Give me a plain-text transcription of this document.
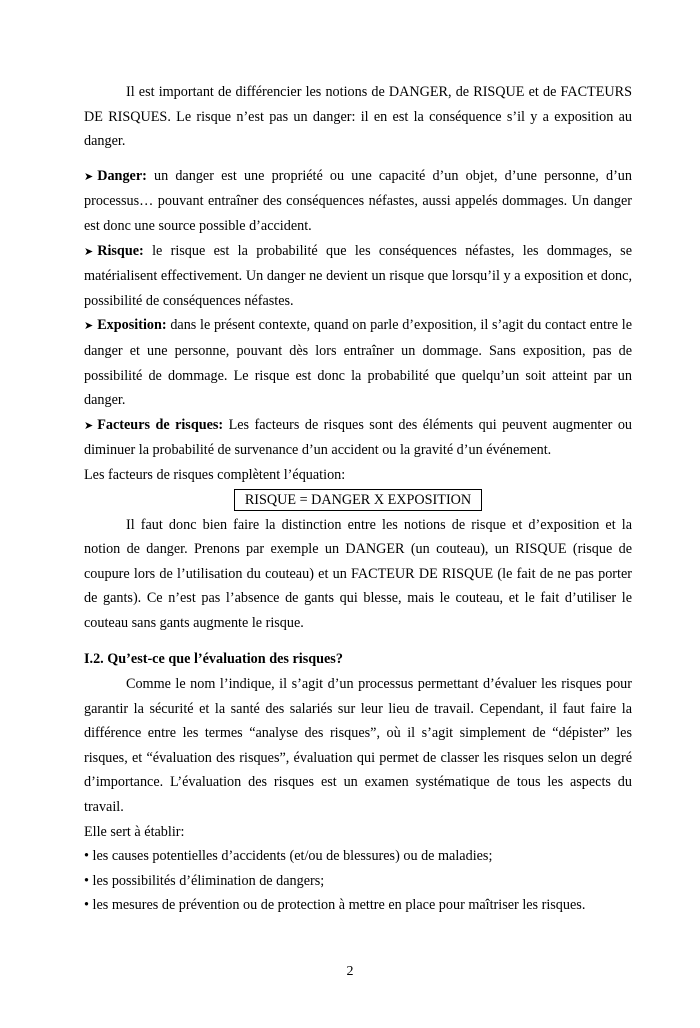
Il est important de différencier les notions de DANGER, de RISQUE et de FACTEURS DE RISQUES. Le risque n’est pas un danger: il en est la conséquence s’il y a exposition au danger.

➤ Danger: un danger est une propriété ou une capacité d’un objet, d’une personne, d’un processus… pouvant entraîner des conséquences néfastes, aussi appelés dommages. Un danger est donc une source possible d’accident.

➤ Risque: le risque est la probabilité que les conséquences néfastes, les dommages, se matérialisent effectivement. Un danger ne devient un risque que lorsqu’il y a exposition et donc, possibilité de conséquences néfastes.

➤ Exposition: dans le présent contexte, quand on parle d’exposition, il s’agit du contact entre le danger et une personne, pouvant dès lors entraîner un dommage. Sans exposition, pas de possibilité de dommage. Le risque est donc la probabilité que quelqu’un soit atteint par un danger.

➤ Facteurs de risques: Les facteurs de risques sont des éléments qui peuvent augmenter ou diminuer la probabilité de survenance d’un accident ou la gravité d’un événement.

Les facteurs de risques complètent l’équation:

RISQUE = DANGER X EXPOSITION

Il faut donc bien faire la distinction entre les notions de risque et d’exposition et la notion de danger. Prenons par exemple un DANGER (un couteau), un RISQUE (risque de coupure lors de l’utilisation du couteau) et un FACTEUR DE RISQUE (le fait de ne pas porter de gants). Ce n’est pas l’absence de gants qui blesse, mais le couteau, et le fait d’utiliser le couteau sans gants augmente le risque.

I.2. Qu’est-ce que l’évaluation des risques?

Comme le nom l’indique, il s’agit d’un processus permettant d’évaluer les risques pour garantir la sécurité et la santé des salariés sur leur lieu de travail. Cependant, il faut faire la différence entre les termes “analyse des risques”, où il s’agit simplement de “dépister” les risques, et “évaluation des risques”, évaluation qui permet de classer les risques selon un degré d’importance. L’évaluation des risques est un examen systématique de tous les aspects du travail.

Elle sert à établir:

• les causes potentielles d’accidents (et/ou de blessures) ou de maladies;

• les possibilités d’élimination de dangers;

• les mesures de prévention ou de protection à mettre en place pour maîtriser les risques.

2
